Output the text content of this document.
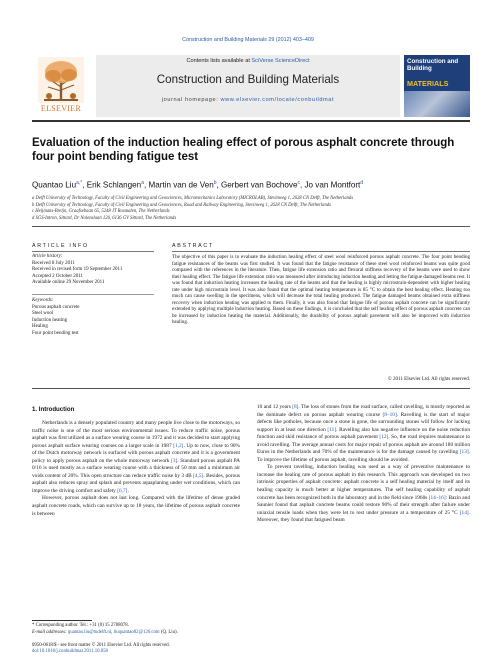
Construction and Building Materials 29 (2012) 403–409
ELSEVIER
Contents lists available at SciVerse ScienceDirect
Construction and Building Materials
journal homepage: www.elsevier.com/locate/conbuildmat
Construction and Building
MATERIALS
Evaluation of the induction healing effect of porous asphalt concrete through four point bending fatigue test
Quantao Liu$^{a,*}$, Erik Schlangen$^a$, Martin van de Ven$^b$, Gerbert van Bochove$^c$, Jo van Montfort$^d$
a Delft University of Technology, Faculty of Civil Engineering and Geosciences, Micromechanics Laboratory (MICROLAB), Stevinweg 1, 2628 CN Delft, The Netherlands
b Delft University of Technology, Faculty of Civil Engineering and Geosciences, Road and Railway Engineering, Stevinweg 1, 2628 CN Delft, The Netherlands
c Heijmans-Breijn, Graafsebaan 65, 5248 JT Rosmalen, The Netherlands
d SGS-Intron, Sittard, Dr Nolenslaan 126, 6136 GV Sittard, The Netherlands
ARTICLE INFO
Article history:
Received 8 July 2011
Received in revised form 19 September 2011
Accepted 2 October 2011
Available online 29 November 2011
Keywords:
Porous asphalt concrete
Steel wool
Induction heating
Healing
Four point bending test
ABSTRACT

The objective of this paper is to evaluate the induction healing effect of steel wool reinforced porous asphalt concrete. The four point bending fatigue resistances of the beams was first studied. It was found that the fatigue resistance of these steel wool reinforced beams was quite good compared with the references in the literature. Then, fatigue life extension ratio and flexural stiffness recovery of the beams were used to show their healing effect. The fatigue life extension ratio was measured after introducing induction heating and letting the fatigue damaged beams rest. It was found that induction heating increases the healing rate of the beams and that the healing is highly microstrain-dependent with higher healing rate under high microstrain level. It was also found that the optimal heating temperature is 85 °C to obtain the best healing effect. Heating too much can cause swelling in the specimens, which will decrease the total healing produced. The fatigue damaged beams obtained extra stiffness recovery when induction heating was applied to them. Finally, it was also found that fatigue life of porous asphalt concrete can be significantly extended by applying multiple induction heating. Based on these findings, it is concluded that the self healing effect of porous asphalt concrete can be increased by induction heating the material. Additionally, the durability of porous asphalt pavement will also be improved with induction healing.

© 2011 Elsevier Ltd. All rights reserved.
1. Introduction

Netherlands is a densely populated country and many people live close to the motorways, so traffic noise is one of the most serious environmental issues. To reduce traffic noise, porous asphalt was first utilized as a surface wearing course in 1972 and it was decided to start applying porous asphalt surface wearing courses on a larger scale in 1987 [1,2]. Up to now, close to 90% of the Dutch motorway network is surfaced with porous asphalt concrete and it is a government policy to apply porous asphalt on the whole motorway network [3]. Standard porous asphalt PA 0/16 is used mostly as a surface wearing course with a thickness of 50 mm and a minimum air voids content of 20%. This open structure can reduce traffic noise by 3 dB [4,5]. Besides, porous asphalt also reduces spray and splash and prevents aquaplaning under wet conditions, which can improve the driving comfort and safety [6,7].

However, porous asphalt does not last long. Compared with the lifetime of dense graded asphalt concrete roads, which can survive up to 18 years, the lifetime of porous asphalt concrete is between

10 and 12 years [8]. The loss of stones from the road surface, called ravelling, is mostly reported as the dominate defect on porous asphalt wearing course [8–10]. Ravelling is the start of major defects like potholes, because once a stone is gone, the surrounding stones will follow for lacking support in at least one direction [11]. Ravelling also has negative influence on the noise reduction function and skid resistance of porous asphalt pavement [12]. So, the road requires maintenance to avoid ravelling. The average annual costs for major repair of porous asphalt are around 180 million Euros in the Netherlands and 70% of the maintenance is for the damage caused by ravelling [13]. To improve the lifetime of porous asphalt, ravelling should be avoided.

To prevent ravelling, induction healing was used as a way of preventive maintenance to increase the healing rate of porous asphalt in this research. This approach was developed on two intrinsic properties of asphalt concrete: asphalt concrete is a self healing material by itself and its healing capacity is much better at higher temperatures. The self healing capability of asphalt concrete has been recognized both in the laboratory and in the field since 1960s [14–16]: Bazin and Saunier found that asphalt concrete beams could restore 90% of their strength after failure under uniaxial tensile loads when they were let to rest under pressure at a temperature of 25 °C [14]. Moreover, they found that fatigued beam

* Corresponding author. Tel.: +31 (0) 15 2788078.
E-mail addresses: quantao.liu@tudelft.nl, liuquantao82@126.com (Q. Liu).
0950-0618/$ - see front matter © 2011 Elsevier Ltd. All rights reserved.
doi:10.1016/j.conbuildmat.2011.10.058
